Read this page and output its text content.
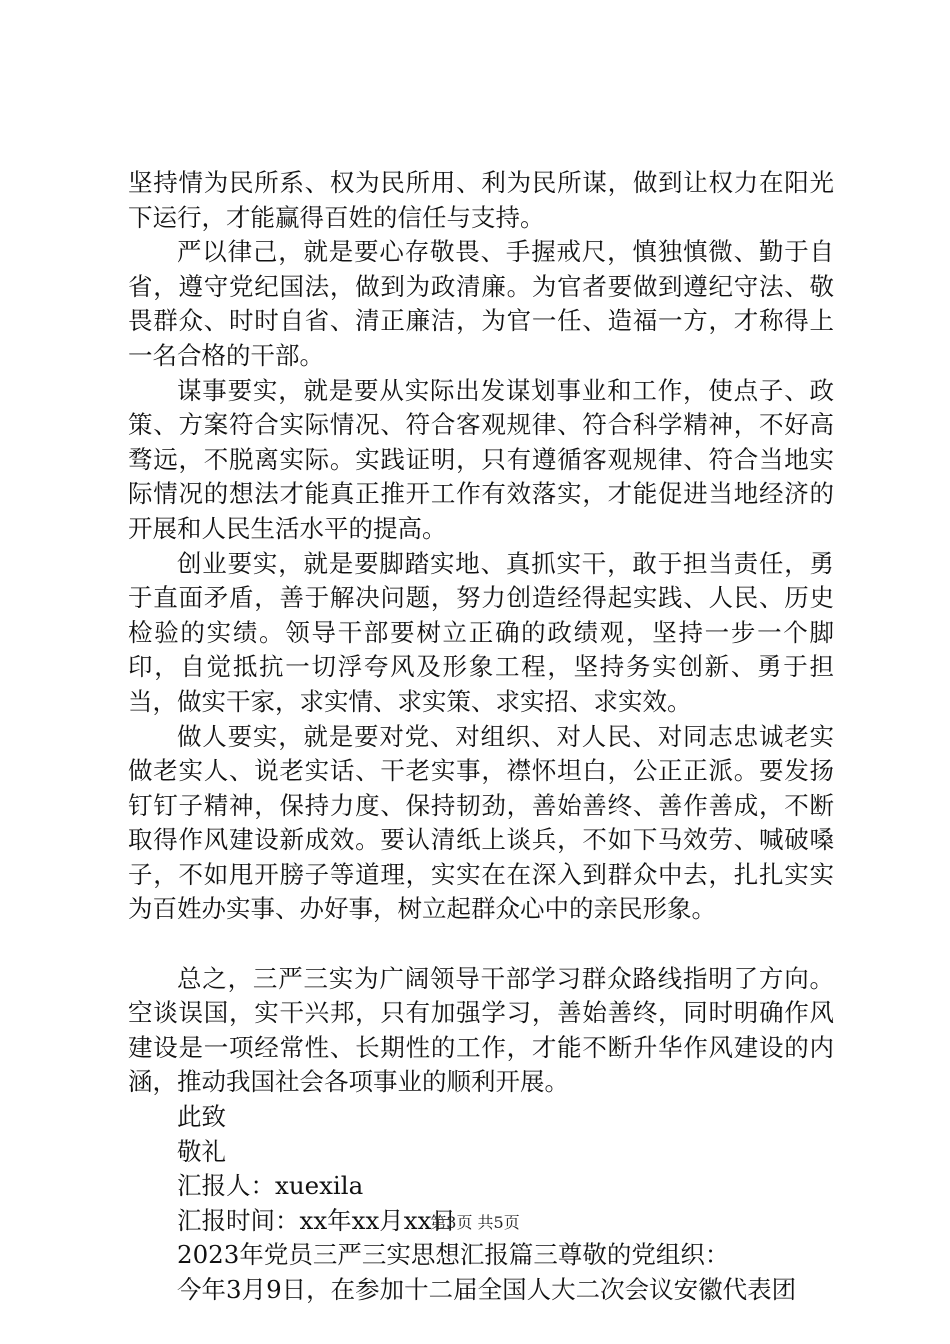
坚持情为民所系、权为民所用、利为民所谋，做到让权力在阳光下运行，才能赢得百姓的信任与支持。

严以律己，就是要心存敬畏、手握戒尺，慎独慎微、勤于自省，遵守党纪国法，做到为政清廉。为官者要做到遵纪守法、敬畏群众、时时自省、清正廉洁，为官一任、造福一方，才称得上一名合格的干部。

谋事要实，就是要从实际出发谋划事业和工作，使点子、政策、方案符合实际情况、符合客观规律、符合科学精神，不好高骛远，不脱离实际。实践证明，只有遵循客观规律、符合当地实际情况的想法才能真正推开工作有效落实，才能促进当地经济的开展和人民生活水平的提高。

创业要实，就是要脚踏实地、真抓实干，敢于担当责任，勇于直面矛盾，善于解决问题，努力创造经得起实践、人民、历史检验的实绩。领导干部要树立正确的政绩观，坚持一步一个脚印，自觉抵抗一切浮夸风及形象工程，坚持务实创新、勇于担当，做实干家，求实情、求实策、求实招、求实效。

做人要实，就是要对党、对组织、对人民、对同志忠诚老实做老实人、说老实话、干老实事，襟怀坦白，公正正派。要发扬钉钉子精神，保持力度、保持韧劲，善始善终、善作善成，不断取得作风建设新成效。要认清纸上谈兵，不如下马效劳、喊破嗓子，不如甩开膀子等道理，实实在在深入到群众中去，扎扎实实为百姓办实事、办好事，树立起群众心中的亲民形象。

总之，三严三实为广阔领导干部学习群众路线指明了方向。空谈误国，实干兴邦，只有加强学习，善始善终，同时明确作风建设是一项经常性、长期性的工作，才能不断升华作风建设的内涵，推动我国社会各项事业的顺利开展。

此致

敬礼

汇报人：xuexila

汇报时间：xx年xx月xx日

2023年党员三严三实思想汇报篇三尊敬的党组织：

今年3月9日，在参加十二届全国人大二次会议安徽代表团

第3页 共5页
